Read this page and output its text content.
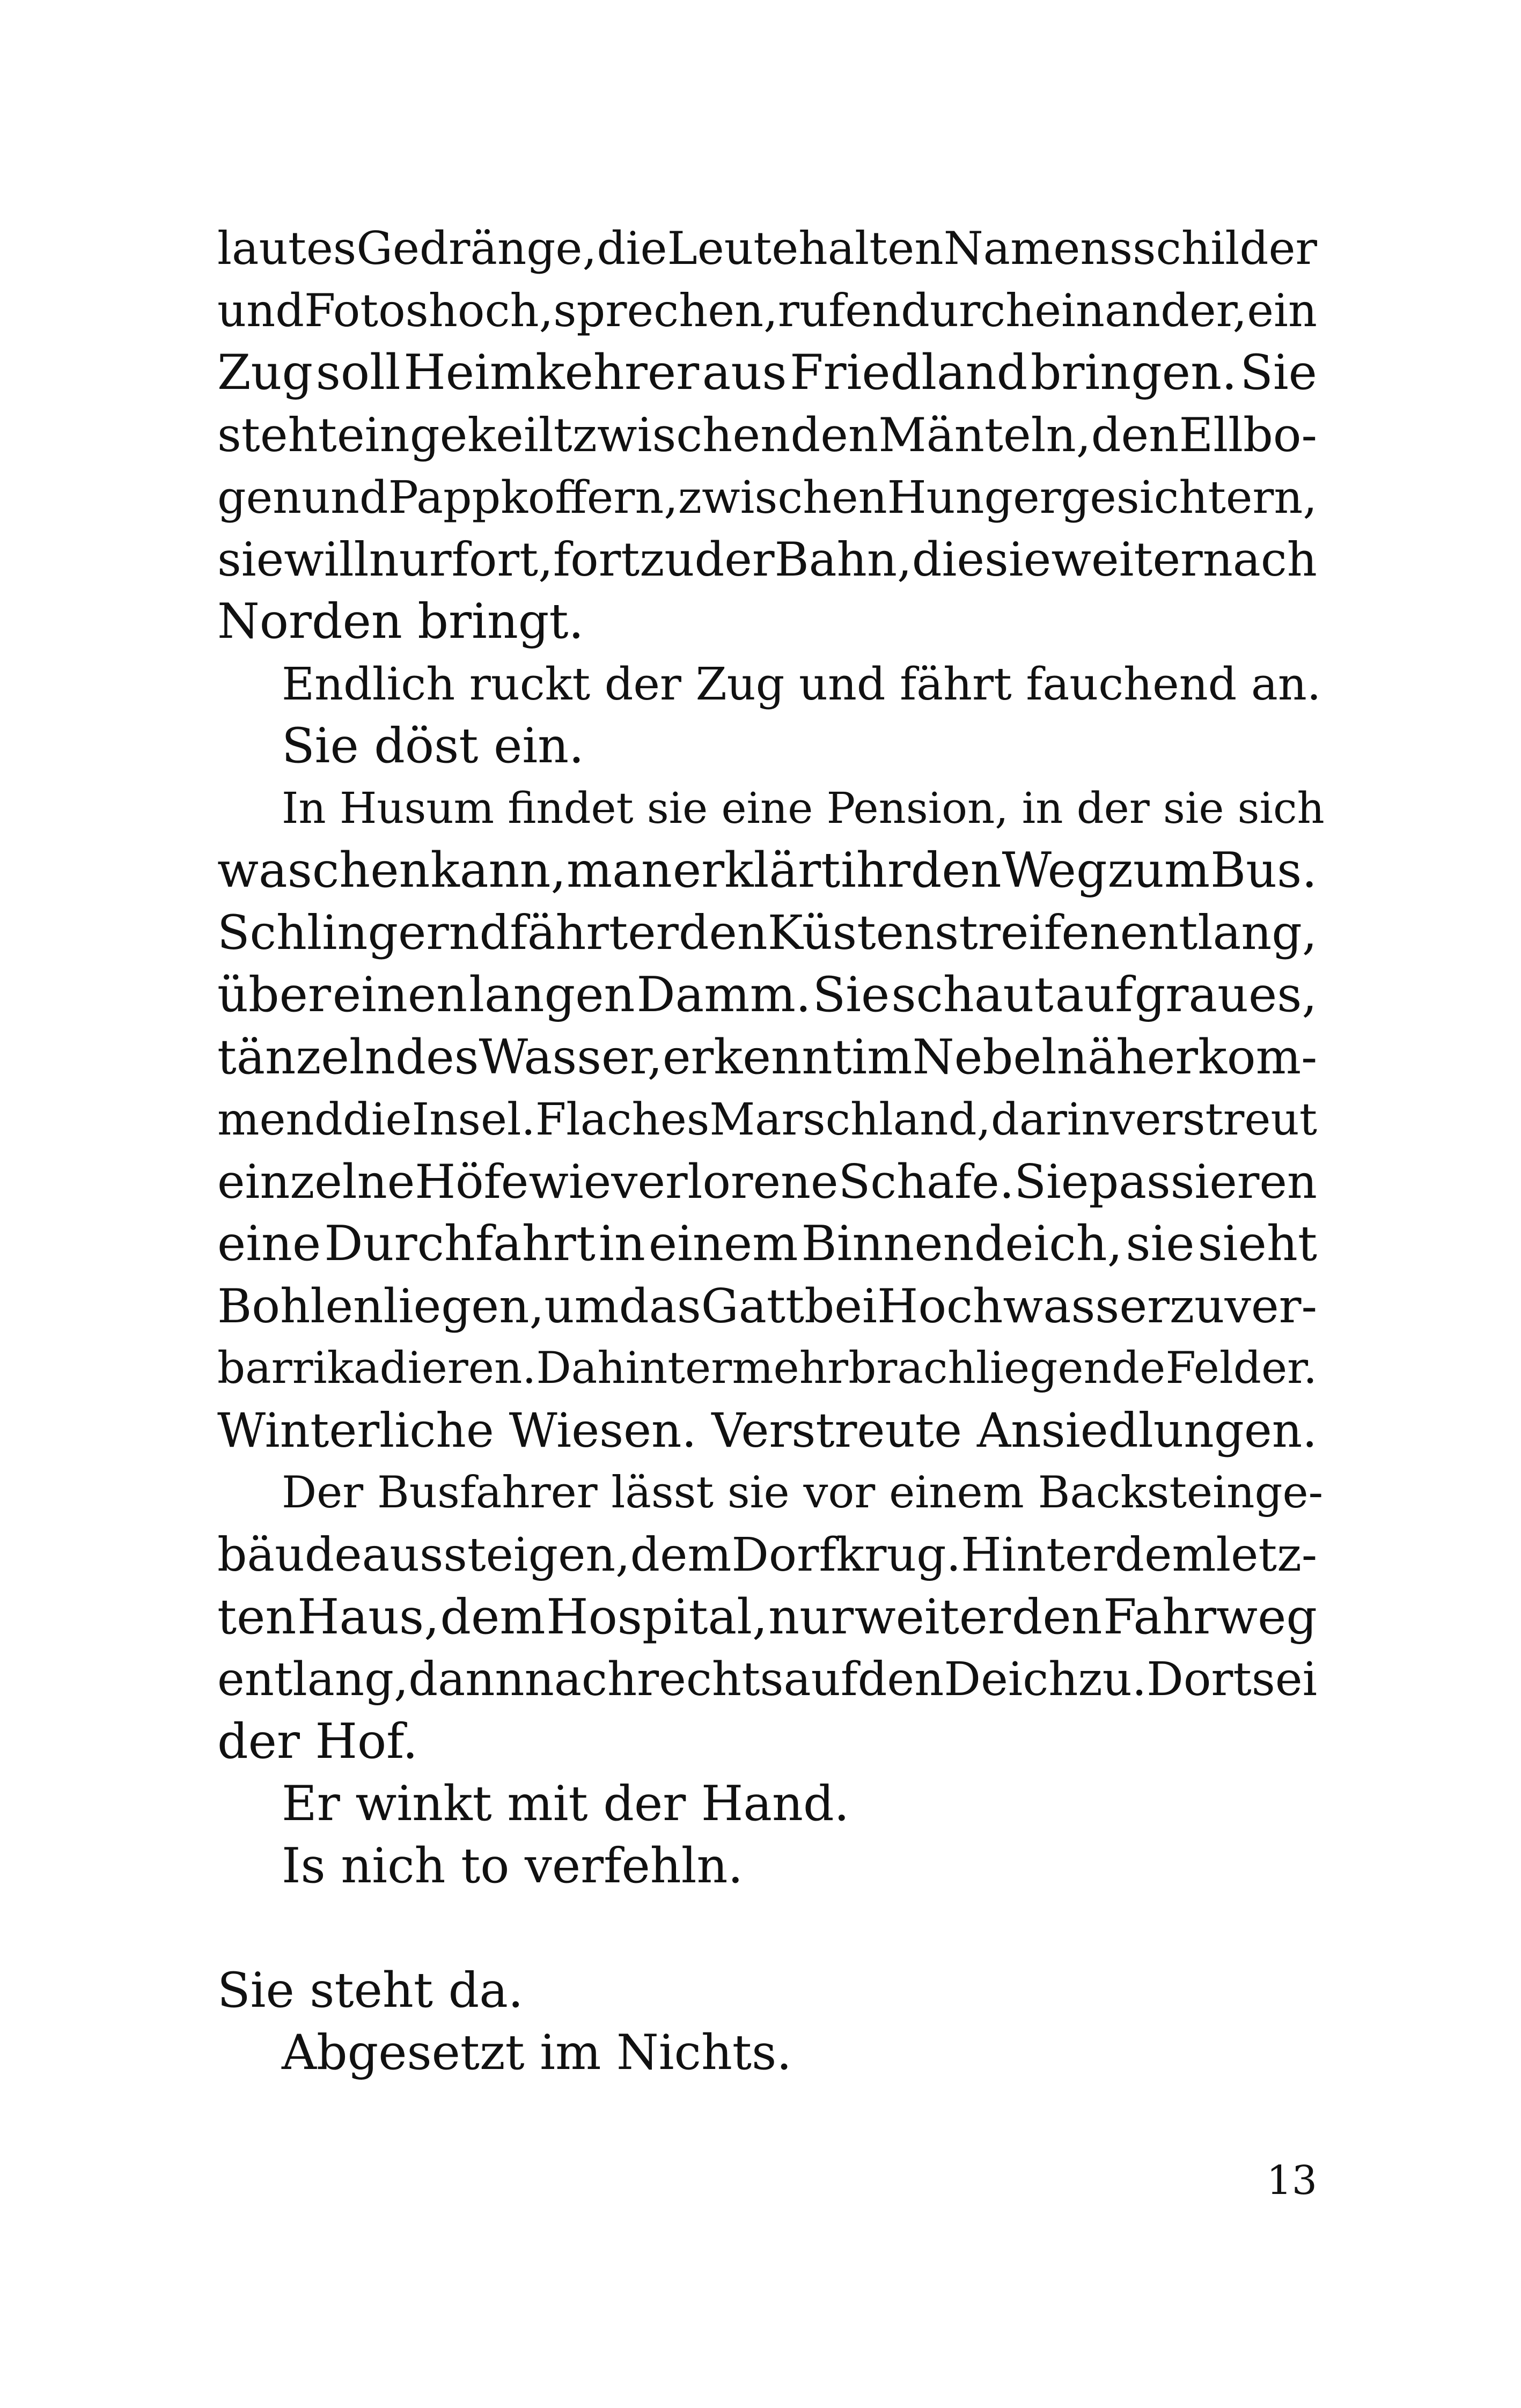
lautes Gedränge, die Leute halten Namensschilder
und Fotos hoch, sprechen, rufen durcheinander, ein
Zug soll Heimkehrer aus Friedland bringen. Sie
steht eingekeilt zwischen den Mänteln, den Ellbo-
gen und Pappkoffern, zwischen Hungergesichtern,
sie will nur fort, fort zu der Bahn, die sie weiter nach
Norden bringt.
Endlich ruckt der Zug und fährt fauchend an.
Sie döst ein.
In Husum findet sie eine Pension, in der sie sich
waschen kann, man erklärt ihr den Weg zum Bus.
Schlingernd fährt er den Küstenstreifen entlang,
über einen langen Damm. Sie schaut auf graues,
tänzelndes Wasser, erkennt im Nebel näherkom-
mend die Insel. Flaches Marschland, darin verstreut
einzelne Höfe wie verlorene Schafe. Sie passieren
eine Durchfahrt in einem Binnendeich, sie sieht
Bohlen liegen, um das Gatt bei Hochwasser zu ver-
barrikadieren. Dahinter mehr brachliegende Felder.
Winterliche Wiesen. Verstreute Ansiedlungen.
Der Busfahrer lässt sie vor einem Backsteinge-
bäude aussteigen, dem Dorfkrug. Hinter dem letz-
ten Haus, dem Hospital, nur weiter den Fahrweg
entlang, dann nach rechts auf den Deich zu. Dort sei
der Hof.
Er winkt mit der Hand.
Is nich to verfehln.
Sie steht da.
Abgesetzt im Nichts.
13
